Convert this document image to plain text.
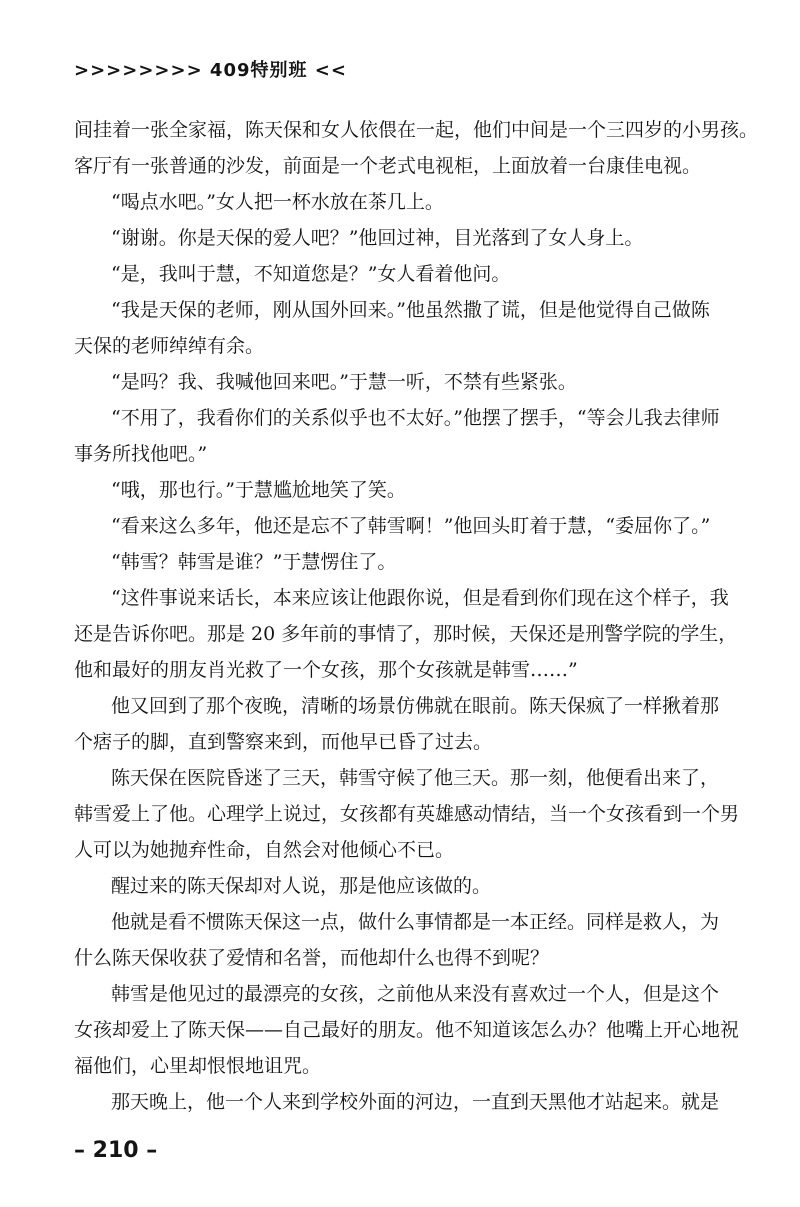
>>>>>>>> 409特别班 <<
间挂着一张全家福，陈天保和女人依偎在一起，他们中间是一个三四岁的小男孩。
客厅有一张普通的沙发，前面是一个老式电视柜，上面放着一台康佳电视。
“喝点水吧。”女人把一杯水放在茶几上。
“谢谢。你是天保的爱人吧？”他回过神，目光落到了女人身上。
“是，我叫于慧，不知道您是？”女人看着他问。
“我是天保的老师，刚从国外回来。”他虽然撒了谎，但是他觉得自己做陈
天保的老师绰绰有余。
“是吗？我、我喊他回来吧。”于慧一听，不禁有些紧张。
“不用了，我看你们的关系似乎也不太好。”他摆了摆手，“等会儿我去律师
事务所找他吧。”
“哦，那也行。”于慧尴尬地笑了笑。
“看来这么多年，他还是忘不了韩雪啊！”他回头盯着于慧，“委屈你了。”
“韩雪？韩雪是谁？”于慧愣住了。
“这件事说来话长，本来应该让他跟你说，但是看到你们现在这个样子，我
还是告诉你吧。那是 20 多年前的事情了，那时候，天保还是刑警学院的学生，
他和最好的朋友肖光救了一个女孩，那个女孩就是韩雪……”
他又回到了那个夜晚，清晰的场景仿佛就在眼前。陈天保疯了一样揪着那
个痞子的脚，直到警察来到，而他早已昏了过去。
陈天保在医院昏迷了三天，韩雪守候了他三天。那一刻，他便看出来了，
韩雪爱上了他。心理学上说过，女孩都有英雄感动情结，当一个女孩看到一个男
人可以为她抛弃性命，自然会对他倾心不已。
醒过来的陈天保却对人说，那是他应该做的。
他就是看不惯陈天保这一点，做什么事情都是一本正经。同样是救人，为
什么陈天保收获了爱情和名誉，而他却什么也得不到呢？
韩雪是他见过的最漂亮的女孩，之前他从来没有喜欢过一个人，但是这个
女孩却爱上了陈天保——自己最好的朋友。他不知道该怎么办？他嘴上开心地祝
福他们，心里却恨恨地诅咒。
那天晚上，他一个人来到学校外面的河边，一直到天黑他才站起来。就是
– 210 –
